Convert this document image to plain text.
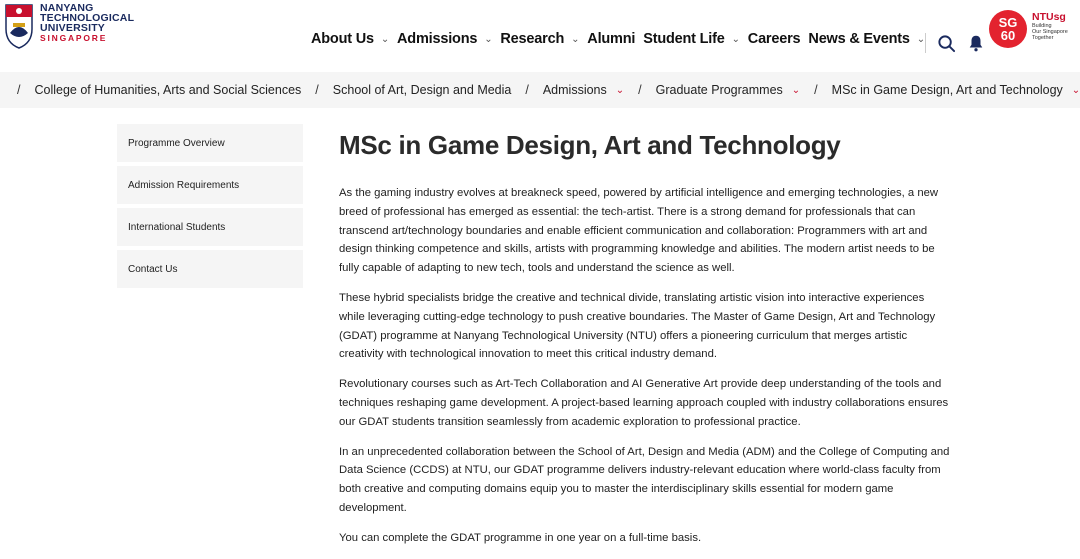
NANYANG
TECHNOLOGICAL
UNIVERSITY
SINGAPORE	About Us ⌄ Admissions ⌄ Research ⌄ Alumni Student Life ⌄ Careers News & Events ⌄
SG
60
NTUsg
Building
Our Singapore
Together
/ College of Humanities, Arts and Social Sciences / School of Art, Design and Media / Admissions ⌄ / Graduate Programmes ⌄ / MSc in Game Design, Art and Technology ⌄
Programme Overview
Admission Requirements
International Students
Contact Us
MSc in Game Design, Art and Technology

As the gaming industry evolves at breakneck speed, powered by artificial intelligence and emerging technologies, a new breed of professional has emerged as essential: the tech-artist. There is a strong demand for professionals that can transcend art/technology boundaries and enable efficient communication and collaboration: Programmers with art and design thinking competence and skills, artists with programming knowledge and abilities. The modern artist needs to be fully capable of adapting to new tech, tools and understand the science as well.

These hybrid specialists bridge the creative and technical divide, translating artistic vision into interactive experiences while leveraging cutting-edge technology to push creative boundaries. The Master of Game Design, Art and Technology (GDAT) programme at Nanyang Technological University (NTU) offers a pioneering curriculum that merges artistic creativity with technological innovation to meet this critical industry demand.

Revolutionary courses such as Art-Tech Collaboration and AI Generative Art provide deep understanding of the tools and techniques reshaping game development. A project-based learning approach coupled with industry collaborations ensures our GDAT students transition seamlessly from academic exploration to professional practice.

In an unprecedented collaboration between the School of Art, Design and Media (ADM) and the College of Computing and Data Science (CCDS) at NTU, our GDAT programme delivers industry-relevant education where world-class faculty from both creative and computing domains equip you to master the interdisciplinary skills essential for modern game development.

You can complete the GDAT programme in one year on a full-time basis.
